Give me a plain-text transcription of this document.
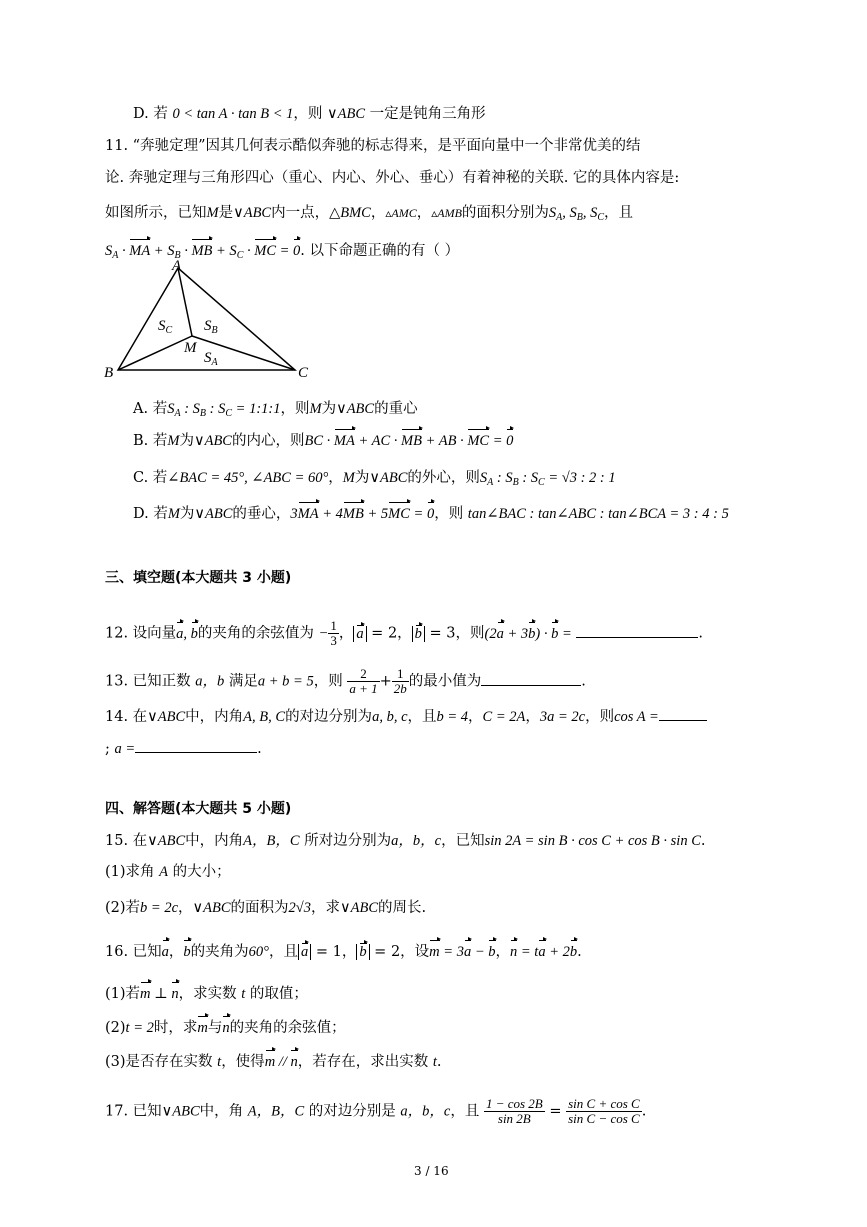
D. 若 0 < tan A · tan B < 1，则 ∨ABC 一定是钝角三角形
11. “奔驰定理”因其几何表示酷似奔驰的标志得来，是平面向量中一个非常优美的结
论. 奔驰定理与三角形四心（重心、内心、外心、垂心）有着神秘的关联. 它的具体内容是:
如图所示，已知M是∨ABC内一点，△BMC，▵AMC，▵AMB的面积分别为$S_A$, $S_B$, $S_C$，且
$S_A$ · MA + $S_B$ · MB + $S_C$ · MC = 0. 以下命题正确的有（ ）
A
B	C
M
$S_C$ $S_B$
$S_A$
A. 若$S_A$ : $S_B$ : $S_C$ = 1:1:1，则M为∨ABC的重心
B. 若M为∨ABC的内心，则BC · MA + AC · MB + AB · MC = 0
C. 若∠BAC = 45°, ∠ABC = 60°，M为∨ABC的外心，则$S_A$ : $S_B$ : $S_C = √3$ : 2 : 1
D. 若M为∨ABC的垂心，3MA + 4MB + 5MC = 0，则 tan∠BAC : tan∠ABC : tan∠BCA = 3 : 4 : 5
三、填空题(本大题共 3 小题)
12. 设向量a, b的夹角的余弦值为 − $\frac{1}{3}$ ， a = 2， b = 3，则(2a + 3b) · b =	.
13. 已知正数 a，b 满足a + b = 5，则 $\frac{2}{a + 1} + \frac{1}{2b}$ 的最小值为	.
14. 在∨ABC中，内角A, B, C的对边分别为a, b, c，且b = 4，C = 2A，3a = 2c，则cos A =
; a =	.
四、解答题(本大题共 5 小题)
15. 在∨ABC中，内角A，B，C 所对边分别为a，b，c，已知sin 2A = sin B · cos C + cos B · sin C.
(1)求角 A 的大小；
(2)若b = 2c，∨ABC的面积为2√3，求∨ABC的周长.
16. 已知a，b的夹角为60°，且 a = 1， b = 2，设m = 3a − b，n = ta + 2b.
(1)若m ⊥ n，求实数 t 的取值；
(2)t = 2时，求m与n的夹角的余弦值；
(3)是否存在实数 t，使得m // n，若存在，求出实数 t.
17. 已知∨ABC中，角 A，B，C 的对边分别是 a，b，c，且 $\frac{1 - \cos 2B}{\sin 2B} = \frac{\text{sin C + cos C}}{\text{sin C − cos C}}$ .
3 / 16
